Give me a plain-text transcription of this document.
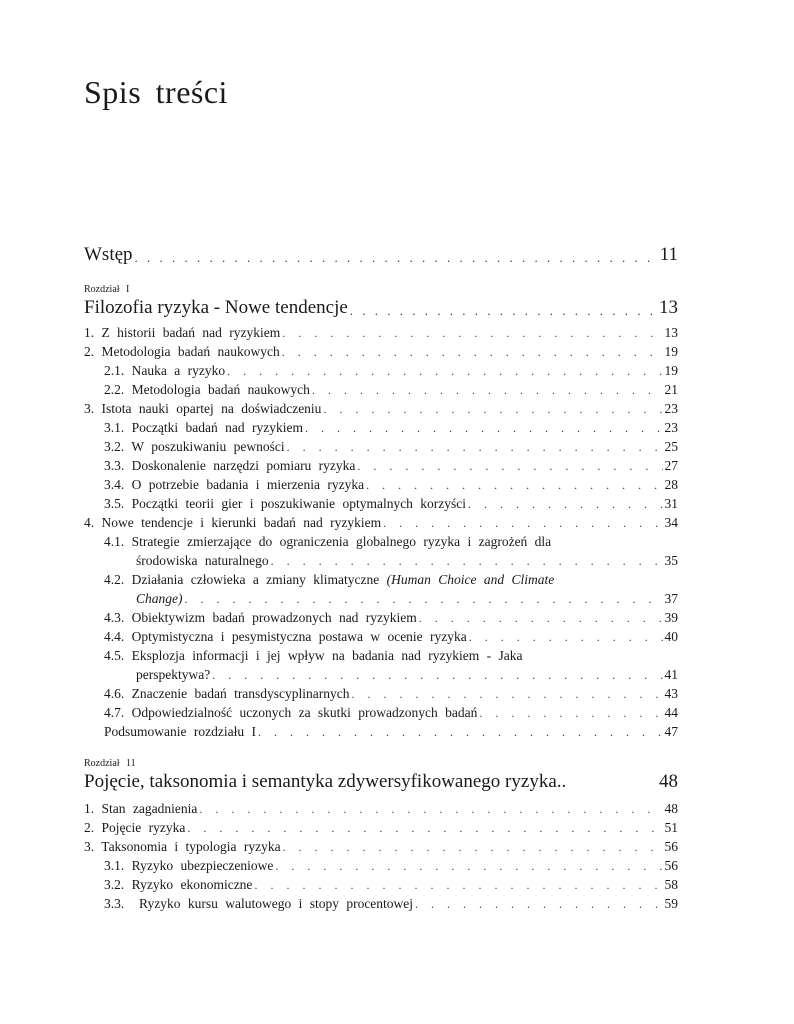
Spis treści
Wstęp . . .	11
Rozdział I
Filozofia ryzyka - Nowe tendencje . . .	13
1. Z historii badań nad ryzykiem . . .	13
2. Metodologia badań naukowych . . .	19
2.1. Nauka a ryzyko . . .	19
2.2. Metodologia badań naukowych . . .	21
3. Istota nauki opartej na doświadczeniu . . .	23
3.1. Początki badań nad ryzykiem . . .	23
3.2. W poszukiwaniu pewności . . .	25
3.3. Doskonalenie narzędzi pomiaru ryzyka . . .	27
3.4. O potrzebie badania i mierzenia ryzyka . . .	28
3.5. Początki teorii gier i poszukiwanie optymalnych korzyści . . .	31
4. Nowe tendencje i kierunki badań nad ryzykiem . . .	34
4.1. Strategie zmierzające do ograniczenia globalnego ryzyka i zagrożeń dla
środowiska naturalnego . . .	35
4.2. Działania człowieka a zmiany klimatyczne (Human Choice and Climate
Change) . . .	37
4.3. Obiektywizm badań prowadzonych nad ryzykiem . . .	39
4.4. Optymistyczna i pesymistyczna postawa w ocenie ryzyka . . .	40
4.5. Eksplozja informacji i jej wpływ na badania nad ryzykiem - Jaka
perspektywa? . . .	41
4.6. Znaczenie badań transdyscyplinarnych . . .	43
4.7. Odpowiedzialność uczonych za skutki prowadzonych badań . . .	44
Podsumowanie rozdziału I . . .	47
Rozdział 11
Pojęcie, taksonomia i semantyka zdywersyfikowanego ryzyka..	48
1. Stan zagadnienia . . .	48
2. Pojęcie ryzyka . . .	51
3. Taksonomia i typologia ryzyka . . .	56
3.1. Ryzyko ubezpieczeniowe . . .	56
3.2. Ryzyko ekonomiczne . . .	58
3.3. Ryzyko kursu walutowego i stopy procentowej . . .	59
